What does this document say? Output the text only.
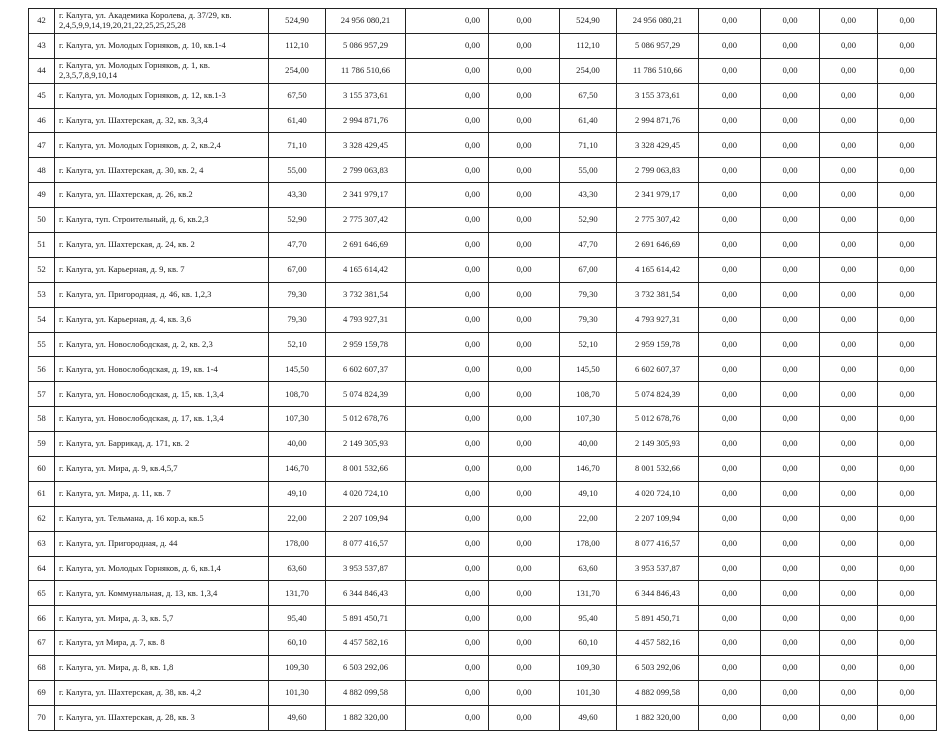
42	г. Калуга, ул. Академика Королева, д. 37/29, кв. 2,4,5,9,9,14,19,20,21,22,25,25,25,28	524,90	24 956 080,21	0,00	0,00	524,90	24 956 080,21	0,00	0,00	0,00	0,00
43	г. Калуга, ул. Молодых Горняков, д. 10, кв.1-4	112,10	5 086 957,29	0,00	0,00	112,10	5 086 957,29	0,00	0,00	0,00	0,00
44	г. Калуга, ул. Молодых Горняков, д. 1, кв. 2,3,5,7,8,9,10,14	254,00	11 786 510,66	0,00	0,00	254,00	11 786 510,66	0,00	0,00	0,00	0,00
45	г. Калуга, ул. Молодых Горняков, д. 12, кв.1-3	67,50	3 155 373,61	0,00	0,00	67,50	3 155 373,61	0,00	0,00	0,00	0,00
46	г. Калуга, ул. Шахтерская, д. 32, кв. 3,3,4	61,40	2 994 871,76	0,00	0,00	61,40	2 994 871,76	0,00	0,00	0,00	0,00
47	г. Калуга, ул. Молодых Горняков, д. 2, кв.2,4	71,10	3 328 429,45	0,00	0,00	71,10	3 328 429,45	0,00	0,00	0,00	0,00
48	г. Калуга, ул. Шахтерская, д. 30, кв. 2, 4	55,00	2 799 063,83	0,00	0,00	55,00	2 799 063,83	0,00	0,00	0,00	0,00
49	г. Калуга, ул. Шахтерская, д. 26, кв.2	43,30	2 341 979,17	0,00	0,00	43,30	2 341 979,17	0,00	0,00	0,00	0,00
50	г. Калуга, туп. Строительный, д. 6, кв.2,3	52,90	2 775 307,42	0,00	0,00	52,90	2 775 307,42	0,00	0,00	0,00	0,00
51	г. Калуга, ул. Шахтерская, д. 24, кв. 2	47,70	2 691 646,69	0,00	0,00	47,70	2 691 646,69	0,00	0,00	0,00	0,00
52	г. Калуга, ул. Карьерная, д. 9, кв. 7	67,00	4 165 614,42	0,00	0,00	67,00	4 165 614,42	0,00	0,00	0,00	0,00
53	г. Калуга, ул. Пригородная, д. 46, кв. 1,2,3	79,30	3 732 381,54	0,00	0,00	79,30	3 732 381,54	0,00	0,00	0,00	0,00
54	г. Калуга, ул. Карьерная, д. 4, кв. 3,6	79,30	4 793 927,31	0,00	0,00	79,30	4 793 927,31	0,00	0,00	0,00	0,00
55	г. Калуга, ул. Новослободская, д. 2, кв. 2,3	52,10	2 959 159,78	0,00	0,00	52,10	2 959 159,78	0,00	0,00	0,00	0,00
56	г. Калуга, ул. Новослободская, д. 19, кв. 1-4	145,50	6 602 607,37	0,00	0,00	145,50	6 602 607,37	0,00	0,00	0,00	0,00
57	г. Калуга, ул. Новослободская, д. 15, кв. 1,3,4	108,70	5 074 824,39	0,00	0,00	108,70	5 074 824,39	0,00	0,00	0,00	0,00
58	г. Калуга, ул. Новослободская, д. 17, кв. 1,3,4	107,30	5 012 678,76	0,00	0,00	107,30	5 012 678,76	0,00	0,00	0,00	0,00
59	г. Калуга, ул. Баррикад, д. 171, кв. 2	40,00	2 149 305,93	0,00	0,00	40,00	2 149 305,93	0,00	0,00	0,00	0,00
60	г. Калуга, ул. Мира, д. 9, кв.4,5,7	146,70	8 001 532,66	0,00	0,00	146,70	8 001 532,66	0,00	0,00	0,00	0,00
61	г. Калуга, ул. Мира, д. 11, кв. 7	49,10	4 020 724,10	0,00	0,00	49,10	4 020 724,10	0,00	0,00	0,00	0,00
62	г. Калуга, ул. Тельмана, д. 16 кор.а, кв.5	22,00	2 207 109,94	0,00	0,00	22,00	2 207 109,94	0,00	0,00	0,00	0,00
63	г. Калуга, ул. Пригородная, д. 44	178,00	8 077 416,57	0,00	0,00	178,00	8 077 416,57	0,00	0,00	0,00	0,00
64	г. Калуга, ул. Молодых Горняков, д. 6, кв.1,4	63,60	3 953 537,87	0,00	0,00	63,60	3 953 537,87	0,00	0,00	0,00	0,00
65	г. Калуга, ул. Коммунальная, д. 13, кв. 1,3,4	131,70	6 344 846,43	0,00	0,00	131,70	6 344 846,43	0,00	0,00	0,00	0,00
66	г. Калуга, ул. Мира, д. 3, кв. 5,7	95,40	5 891 450,71	0,00	0,00	95,40	5 891 450,71	0,00	0,00	0,00	0,00
67	г. Калуга, ул Мира, д. 7, кв. 8	60,10	4 457 582,16	0,00	0,00	60,10	4 457 582,16	0,00	0,00	0,00	0,00
68	г. Калуга, ул. Мира, д. 8, кв. 1,8	109,30	6 503 292,06	0,00	0,00	109,30	6 503 292,06	0,00	0,00	0,00	0,00
69	г. Калуга, ул. Шахтерская, д. 38, кв. 4,2	101,30	4 882 099,58	0,00	0,00	101,30	4 882 099,58	0,00	0,00	0,00	0,00
70	г. Калуга, ул. Шахтерская, д. 28, кв. 3	49,60	1 882 320,00	0,00	0,00	49,60	1 882 320,00	0,00	0,00	0,00	0,00
